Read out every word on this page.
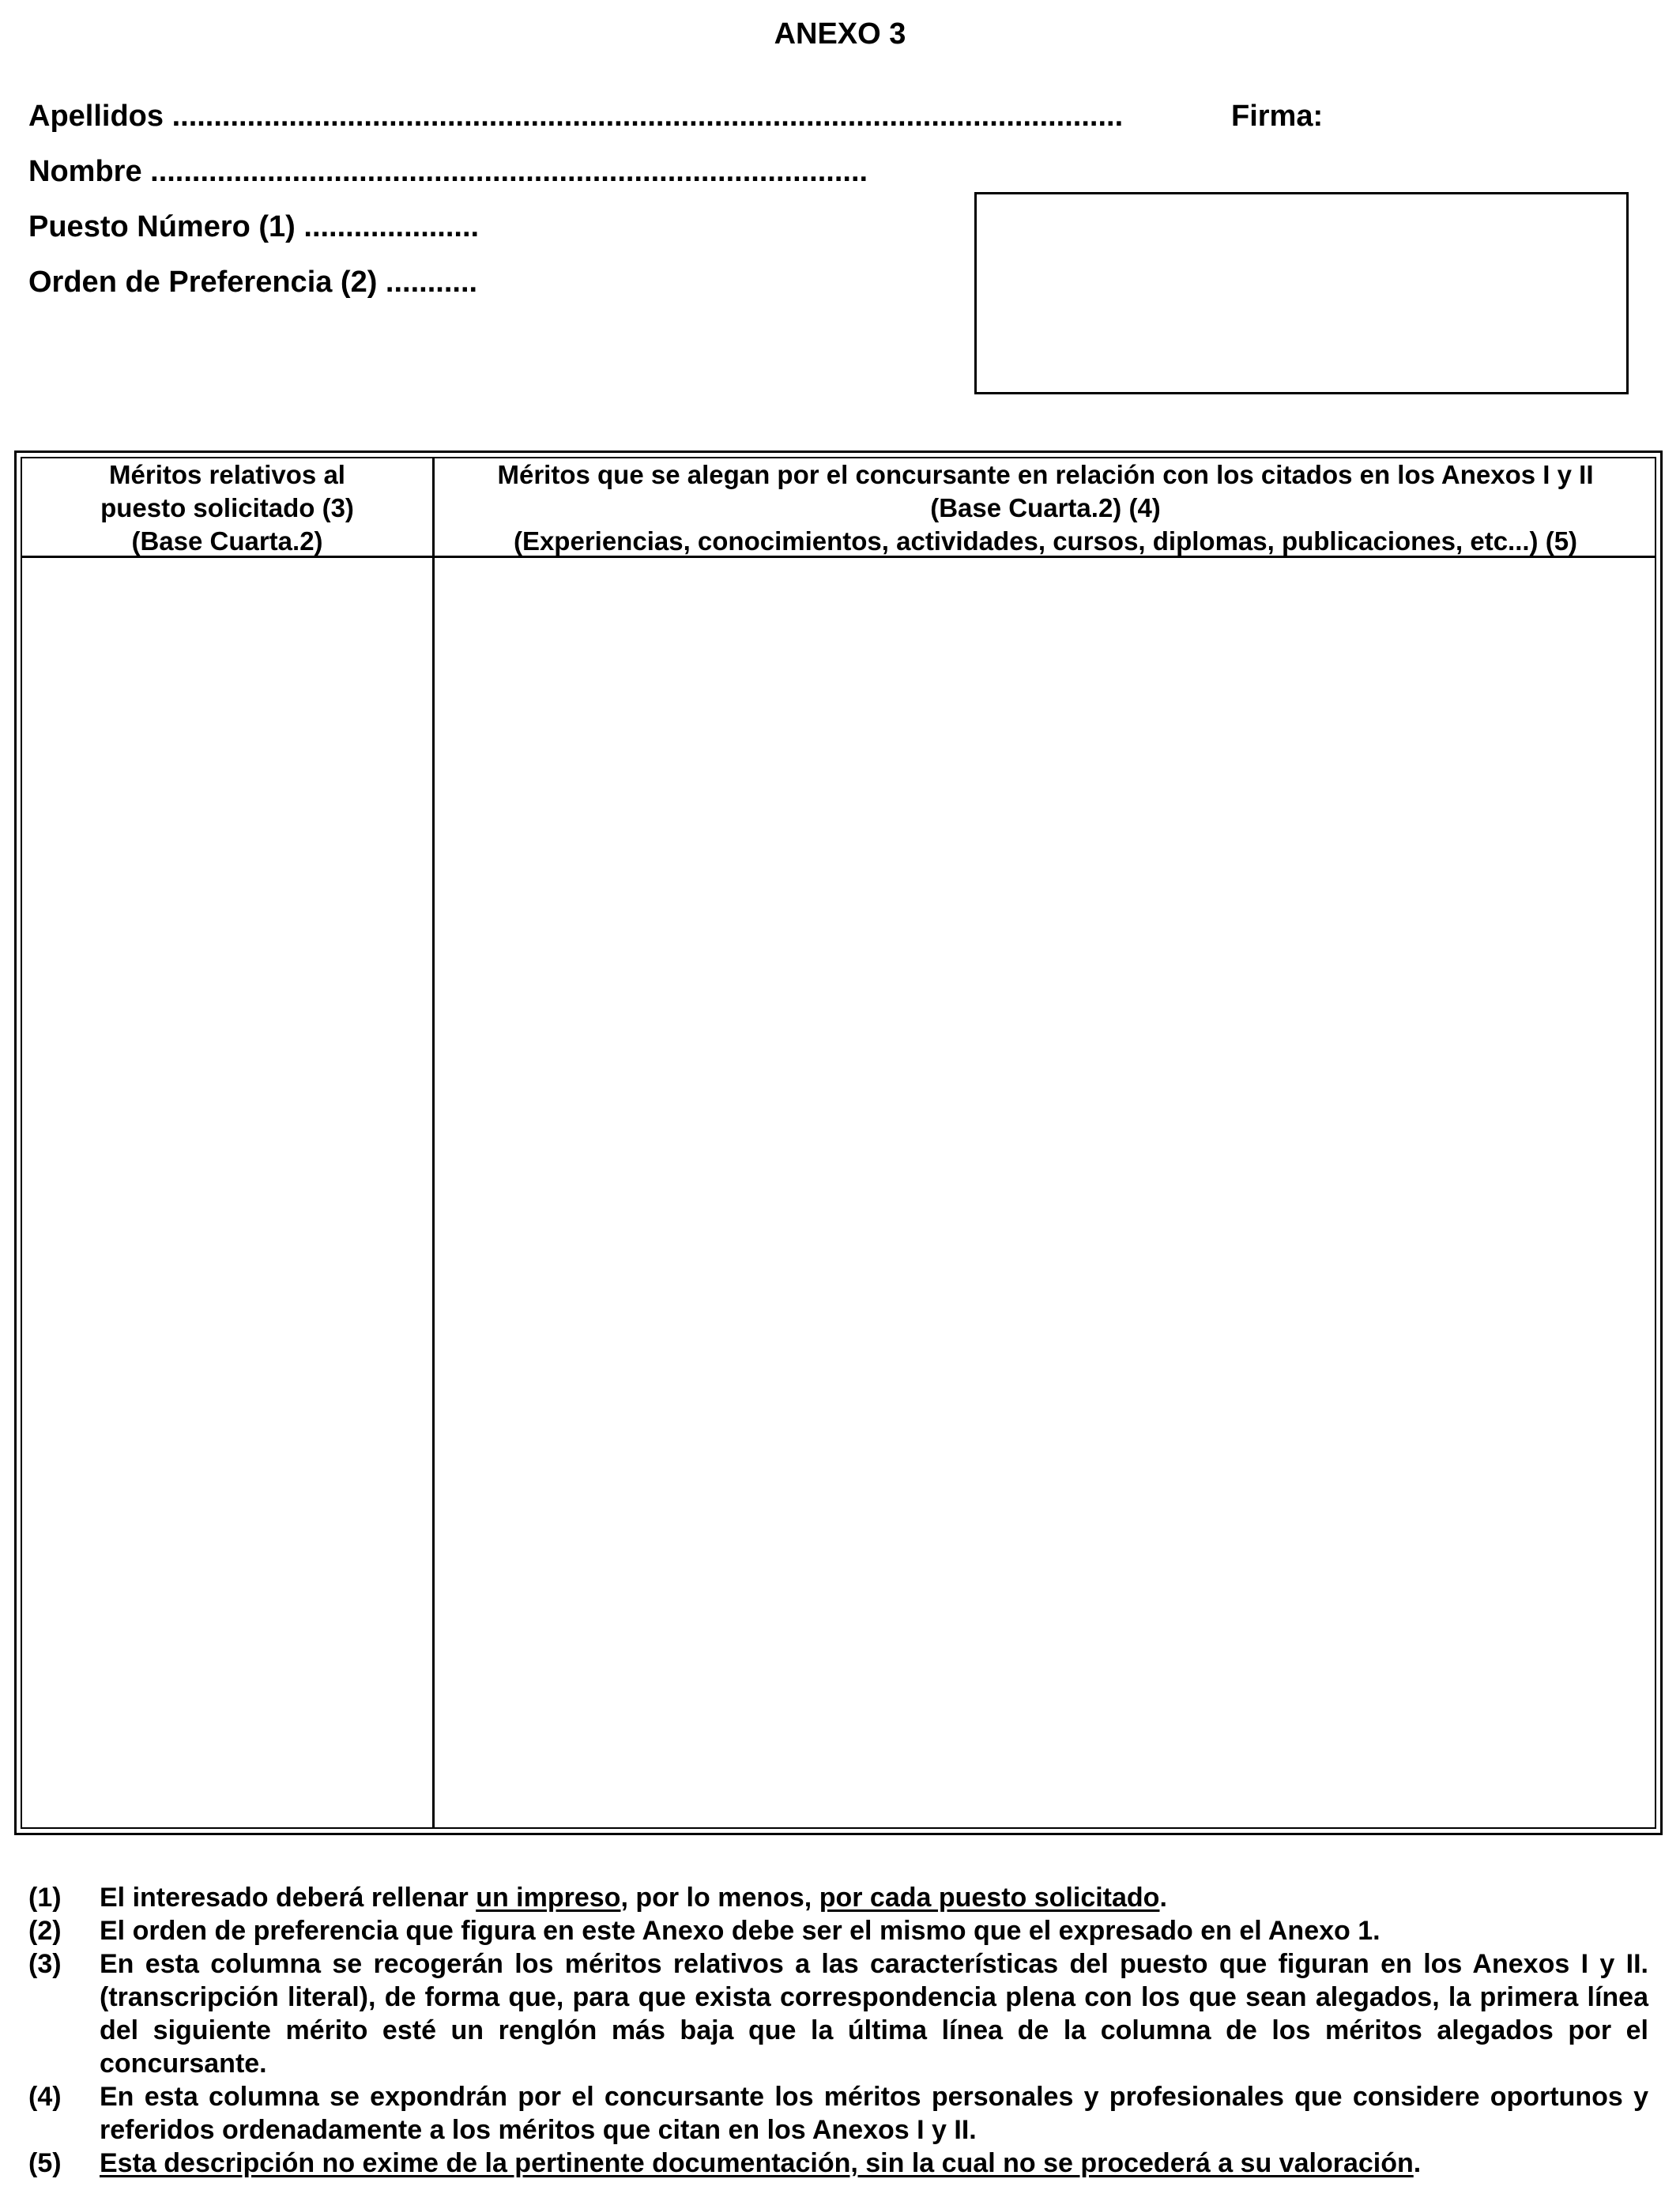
ANEXO 3
Apellidos ..................................................................................................................
Nombre ......................................................................................
Puesto Número (1) .....................
Orden de Preferencia (2) ...........
Firma:
Méritos relativos al
puesto solicitado (3)
(Base Cuarta.2)
Méritos que se alegan por el concursante en relación con los citados en los Anexos I y II
(Base Cuarta.2) (4)
(Experiencias, conocimientos, actividades, cursos, diplomas, publicaciones, etc...) (5)
(1) El interesado deberá rellenar un impreso, por lo menos, por cada puesto solicitado.
(2) El orden de preferencia que figura en este Anexo debe ser el mismo que el expresado en el Anexo 1.
(3) En esta columna se recogerán los méritos relativos a las características del puesto que figuran en los Anexos I y II. (transcripción literal), de forma que, para que exista correspondencia plena con los que sean alegados, la primera línea del siguiente mérito esté un renglón más baja que la última línea de la columna de los méritos alegados por el concursante.
(4) En esta columna se expondrán por el concursante los méritos personales y profesionales que considere oportunos y referidos ordenadamente a los méritos que citan en los Anexos I y II.
(5) Esta descripción no exime de la pertinente documentación, sin la cual no se procederá a su valoración.
